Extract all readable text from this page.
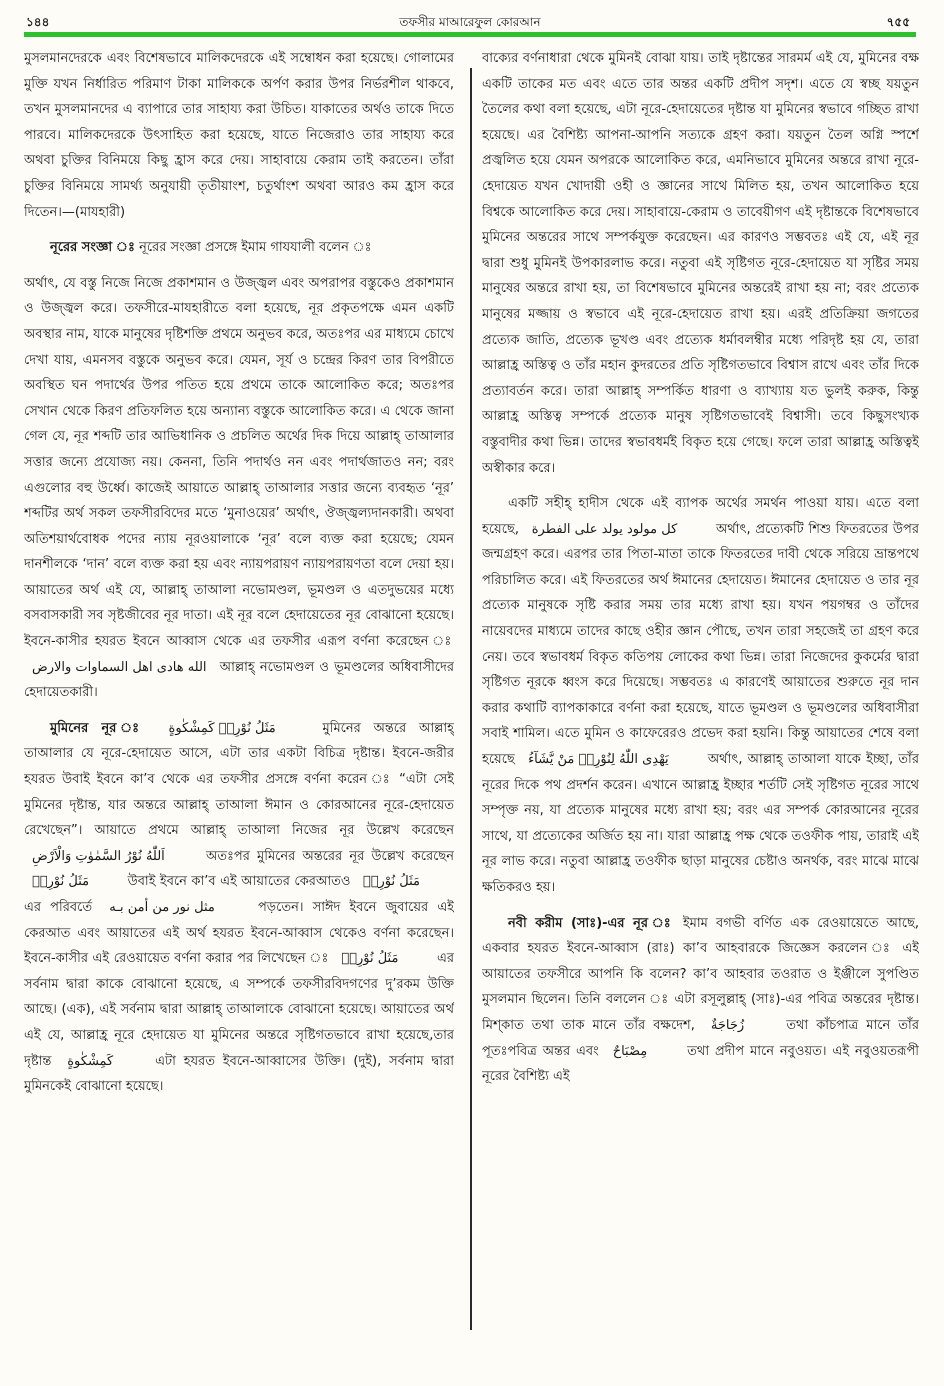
১৪৪	তফসীর মাআরেফুল কোরআন	৭৫৫

মুসলমানদেরকে এবং বিশেষভাবে মালিকদেরকে এই সম্বোধন করা হয়েছে। গোলামের মুক্তি যখন নির্ধারিত পরিমাণ টাকা মালিককে অর্পণ করার উপর নির্ভরশীল থাকবে, তখন মুসলমানদের এ ব্যাপারে তার সাহায্য করা উচিত। যাকাতের অর্থও তাকে দিতে পারবে। মালিকদেরকে উৎসাহিত করা হয়েছে, যাতে নিজেরাও তার সাহায্য করে অথবা চুক্তির বিনিময়ে কিছু হ্রাস করে দেয়। সাহাবায়ে কেরাম তাই করতেন। তাঁরা চুক্তির বিনিময়ে সামর্থ্য অনুযায়ী তৃতীয়াংশ, চতুর্থাংশ অথবা আরও কম হ্রাস করে দিতেন।—(মাযহারী)

নূরের সংজ্ঞা ঃ নূরের সংজ্ঞা প্রসঙ্গে ইমাম গাযযালী বলেন ঃ

অর্থাৎ, যে বস্তু নিজে নিজে প্রকাশমান ও উজ্জ্বল এবং অপরাপর বস্তুকেও প্রকাশমান ও উজ্জ্বল করে। তফসীরে-মাযহারীতে বলা হয়েছে, নূর প্রকৃতপক্ষে এমন একটি অবস্থার নাম, যাকে মানুষের দৃষ্টিশক্তি প্রথমে অনুভব করে, অতঃপর এর মাধ্যমে চোখে দেখা যায়, এমনসব বস্তুকে অনুভব করে। যেমন, সূর্য ও চন্দ্রের কিরণ তার বিপরীতে অবস্থিত ঘন পদার্থের উপর পতিত হয়ে প্রথমে তাকে আলোকিত করে; অতঃপর সেখান থেকে কিরণ প্রতিফলিত হয়ে অন্যান্য বস্তুকে আলোকিত করে। এ থেকে জানা গেল যে, নূর শব্দটি তার আভিধানিক ও প্রচলিত অর্থের দিক দিয়ে আল্লাহ্ তাআলার সত্তার জন্যে প্রযোজ্য নয়। কেননা, তিনি পদার্থও নন এবং পদার্থজাতও নন; বরং এগুলোর বহু উর্ধ্বে। কাজেই আয়াতে আল্লাহ্ তাআলার সত্তার জন্যে ব্যবহৃত ‘নূর’ শব্দটির অর্থ সকল তফসীরবিদের মতে ‘মুনাওয়ের’ অর্থাৎ, ঔজ্জ্বল্যদানকারী। অথবা অতিশয়ার্থবোধক পদের ন্যায় নূরওয়ালাকে ‘নূর’ বলে ব্যক্ত করা হয়েছে; যেমন দানশীলকে ‘দান’ বলে ব্যক্ত করা হয় এবং ন্যায়পরায়ণ ন্যায়পরায়ণতা বলে দেয়া হয়। আয়াতের অর্থ এই যে, আল্লাহ্ তাআলা নভোমণ্ডল, ভূমণ্ডল ও এতদুভয়ের মধ্যে বসবাসকারী সব সৃষ্টজীবের নূর দাতা। এই নূর বলে হেদায়েতের নূর বোঝানো হয়েছে। ইবনে-কাসীর হযরত ইবনে আব্বাস থেকে এর তফসীর এরূপ বর্ণনা করেছেন ঃ الله هادى اهل السماوات والارض আল্লাহ্ নভোমণ্ডল ও ভূমণ্ডলের অধিবাসীদের হেদায়েতকারী।

মুমিনের নূর ঃ مَثَلُ نُوْرِهٖ كَمِشْكٰوةٍ	মুমিনের অন্তরে আল্লাহ্ তাআলার যে নূরে-হেদায়েত আসে, এটা তার একটা বিচিত্র দৃষ্টান্ত। ইবনে-জরীর হযরত উবাই ইবনে কা’ব থেকে এর তফসীর প্রসঙ্গে বর্ণনা করেন ঃ “এটা সেই মুমিনের দৃষ্টান্ত, যার অন্তরে আল্লাহ্ তাআলা ঈমান ও কোরআনের নূরে-হেদায়েত রেখেছেন”। আয়াতে প্রথমে আল্লাহ্ তাআলা নিজের নূর উল্লেখ করেছেন اَللّٰهُ نُوْرُ السَّمٰوٰتِ وَالْاَرْضِ	অতঃপর মুমিনের অন্তরের নূর উল্লেখ করেছেন مَثَلُ نُوْرِهٖ	উবাই ইবনে কা’ব এই আয়াতের কেরআতও مَثَلُ نُوْرِهٖ এর পরিবর্তে مثل نور من أمن بـه	পড়তেন। সাঈদ ইবনে জুবায়ের এই কেরআত এবং আয়াতের এই অর্থ হযরত ইবনে-আব্বাস থেকেও বর্ণনা করেছেন। ইবনে-কাসীর এই রেওয়ায়েত বর্ণনা করার পর লিখেছেন ঃ مَثَلُ نُوْرِهٖ	এর সর্বনাম দ্বারা কাকে বোঝানো হয়েছে, এ সম্পর্কে তফসীরবিদগণের দু’রকম উক্তি আছে। (এক), এই সর্বনাম দ্বারা আল্লাহ্ তাআলাকে বোঝানো হয়েছে। আয়াতের অর্থ এই যে, আল্লাহ্র নূরে হেদায়েত যা মুমিনের অন্তরে সৃষ্টিগতভাবে রাখা হয়েছে,তার দৃষ্টান্ত كَمِشْكٰوةٍ	এটা হযরত ইবনে-আব্বাসের উক্তি। (দুই), সর্বনাম দ্বারা মুমিনকেই বোঝানো হয়েছে।

বাক্যের বর্ণনাধারা থেকে মুমিনই বোঝা যায়। তাই দৃষ্টান্তের সারমর্ম এই যে, মুমিনের বক্ষ একটি তাকের মত এবং এতে তার অন্তর একটি প্রদীপ সদৃশ। এতে যে স্বচ্ছ যয়তুন তৈলের কথা বলা হয়েছে, এটা নূরে-হেদায়েতের দৃষ্টান্ত যা মুমিনের স্বভাবে গচ্ছিত রাখা হয়েছে। এর বৈশিষ্ট্য আপনা-আপনি সত্যকে গ্রহণ করা। যয়তুন তৈল অগ্নি স্পর্শে প্রজ্বলিত হয়ে যেমন অপরকে আলোকিত করে, এমনিভাবে মুমিনের অন্তরে রাখা নূরে-হেদায়েত যখন খোদায়ী ওহী ও জ্ঞানের সাথে মিলিত হয়, তখন আলোকিত হয়ে বিশ্বকে আলোকিত করে দেয়। সাহাবায়ে-কেরাম ও তাবেয়ীগণ এই দৃষ্টান্তকে বিশেষভাবে মুমিনের অন্তরের সাথে সম্পর্কযুক্ত করেছেন। এর কারণও সম্ভবতঃ এই যে, এই নূর দ্বারা শুধু মুমিনই উপকারলাভ করে। নতুবা এই সৃষ্টিগত নূরে-হেদায়েত যা সৃষ্টির সময় মানুষের অন্তরে রাখা হয়, তা বিশেষভাবে মুমিনের অন্তরেই রাখা হয় না; বরং প্রত্যেক মানুষের মজ্জায় ও স্বভাবে এই নূরে-হেদায়েত রাখা হয়। এরই প্রতিক্রিয়া জগতের প্রত্যেক জাতি, প্রত্যেক ভূখণ্ড এবং প্রত্যেক ধর্মাবলম্বীর মধ্যে পরিদৃষ্ট হয় যে, তারা আল্লাহ্র অস্তিত্ব ও তাঁর মহান কুদরতের প্রতি সৃষ্টিগতভাবে বিশ্বাস রাখে এবং তাঁর দিকে প্রত্যাবর্তন করে। তারা আল্লাহ্ সম্পর্কিত ধারণা ও ব্যাখ্যায় যত ভুলই করুক, কিন্তু আল্লাহ্র অস্তিত্ব সম্পর্কে প্রত্যেক মানুষ সৃষ্টিগতভাবেই বিশ্বাসী। তবে কিছুসংখ্যক বস্তুবাদীর কথা ভিন্ন। তাদের স্বভাবধর্মই বিকৃত হয়ে গেছে। ফলে তারা আল্লাহ্র অস্তিত্বই অস্বীকার করে।

একটি সহীহ্ হাদীস থেকে এই ব্যাপক অর্থের সমর্থন পাওয়া যায়। এতে বলা হয়েছে, كل مولود يولد على الفطرة	অর্থাৎ, প্রত্যেকটি শিশু ফিতরতের উপর জন্মগ্রহণ করে। এরপর তার পিতা-মাতা তাকে ফিতরতের দাবী থেকে সরিয়ে ভ্রান্তপথে পরিচালিত করে। এই ফিতরতের অর্থ ঈমানের হেদায়েত। ঈমানের হেদায়েত ও তার নূর প্রত্যেক মানুষকে সৃষ্টি করার সময় তার মধ্যে রাখা হয়। যখন পয়গম্বর ও তাঁদের নায়েবদের মাধ্যমে তাদের কাছে ওহীর জ্ঞান পৌছে, তখন তারা সহজেই তা গ্রহণ করে নেয়। তবে স্বভাবধর্ম বিকৃত কতিপয় লোকের কথা ভিন্ন। তারা নিজেদের কুকর্মের দ্বারা সৃষ্টিগত নূরকে ধ্বংস করে দিয়েছে। সম্ভবতঃ এ কারণেই আয়াতের শুরুতে নূর দান করার কথাটি ব্যাপকাকারে বর্ণনা করা হয়েছে, যাতে ভূমণ্ডল ও ভূমণ্ডলের অধিবাসীরা সবাই শামিল। এতে মুমিন ও কাফেরেরও প্রভেদ করা হয়নি। কিন্তু আয়াতের শেষে বলা হয়েছে يَهْدِى اللّٰهُ لِنُوْرِهٖ مَنْ يَّشَآءُ	অর্থাৎ, আল্লাহ্ তাআলা যাকে ইচ্ছা, তাঁর নূরের দিকে পথ প্রদর্শন করেন। এখানে আল্লাহ্র ইচ্ছার শর্তটি সেই সৃষ্টিগত নূরের সাথে সম্পৃক্ত নয়, যা প্রত্যেক মানুষের মধ্যে রাখা হয়; বরং এর সম্পর্ক কোরআনের নূরের সাথে, যা প্রত্যেকের অর্জিত হয় না। যারা আল্লাহ্র পক্ষ থেকে তওফীক পায়, তারাই এই নূর লাভ করে। নতুবা আল্লাহ্র তওফীক ছাড়া মানুষের চেষ্টাও অনর্থক, বরং মাঝে মাঝে ক্ষতিকরও হয়।

নবী করীম (সাঃ)-এর নূর ঃ ইমাম বগভী বর্ণিত এক রেওয়ায়েতে আছে, একবার হযরত ইবনে-আব্বাস (রাঃ) কা’ব আহবারকে জিজ্ঞেস করলেন ঃ এই আয়াতের তফসীরে আপনি কি বলেন? কা’ব আহবার তওরাত ও ইঞ্জীলে সুপণ্ডিত মুসলমান ছিলেন। তিনি বললেন ঃ এটা রসূলুল্লাহ্ (সাঃ)-এর পবিত্র অন্তরের দৃষ্টান্ত। মিশ্‌কাত তথা তাক মানে তাঁর বক্ষদেশ, زُجَاجَةٌ	তথা কাঁচপাত্র মানে তাঁর পূতঃপবিত্র অন্তর এবং مِصْبَاحٌ	তথা প্রদীপ মানে নবুওয়ত। এই নবুওয়তরূপী নূরের বৈশিষ্ট্য এই
